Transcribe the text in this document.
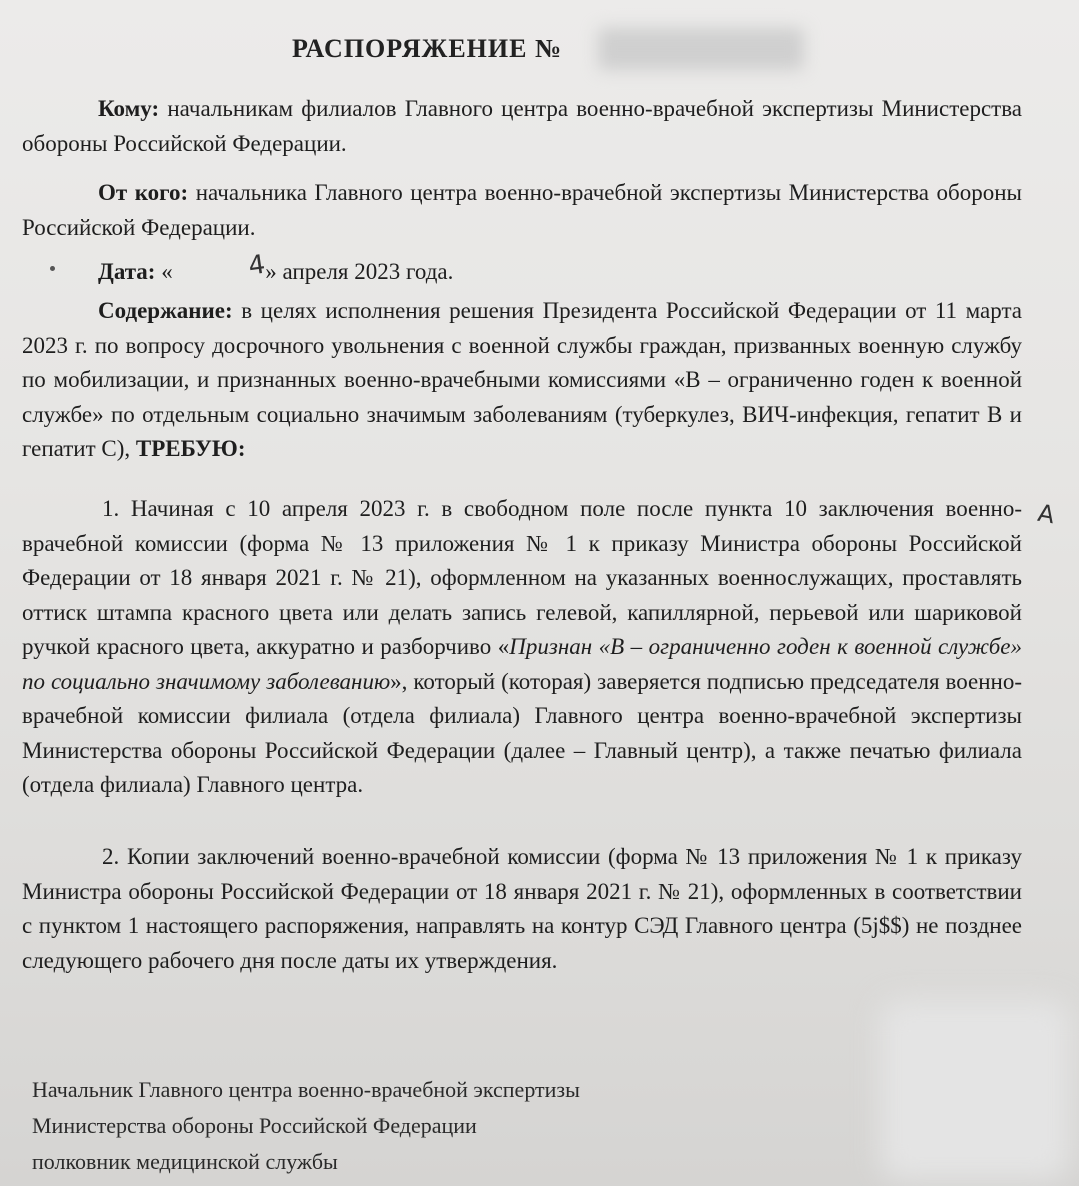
РАСПОРЯЖЕНИЕ №
Кому: начальникам филиалов Главного центра военно-врачебной экспертизы Министерства обороны Российской Федерации.
От кого: начальника Главного центра военно-врачебной экспертизы Министерства обороны Российской Федерации.
Дата: «	4» апреля 2023 года.
Содержание: в целях исполнения решения Президента Российской Федерации от 11 марта 2023 г. по вопросу досрочного увольнения с военной службы граждан, призванных военную службу по мобилизации, и признанных военно-врачебными комиссиями «В – ограниченно годен к военной службе» по отдельным социально значимым заболеваниям (туберкулез, ВИЧ-инфекция, гепатит В и гепатит С), ТРЕБУЮ:
1. Начиная с 10 апреля 2023 г. в свободном поле после пункта 10 заключения военно-врачебной комиссии (форма № 13 приложения № 1 к приказу Министра обороны Российской Федерации от 18 января 2021 г. № 21), оформленном на указанных военнослужащих, проставлять оттиск штампа красного цвета или делать запись гелевой, капиллярной, перьевой или шариковой ручкой красного цвета, аккуратно и разборчиво «Признан «В – ограниченно годен к военной службе» по социально значимому заболеванию», который (которая) заверяется подписью председателя военно-врачебной комиссии филиала (отдела филиала) Главного центра военно-врачебной экспертизы Министерства обороны Российской Федерации (далее – Главный центр), а также печатью филиала (отдела филиала) Главного центра.
А
2. Копии заключений военно-врачебной комиссии (форма № 13 приложения № 1 к приказу Министра обороны Российской Федерации от 18 января 2021 г. № 21), оформленных в соответствии с пунктом 1 настоящего распоряжения, направлять на контур СЭД Главного центра (5j$$) не позднее следующего рабочего дня после даты их утверждения.
Начальник Главного центра военно-врачебной экспертизы
Министерства обороны Российской Федерации
полковник медицинской службы
